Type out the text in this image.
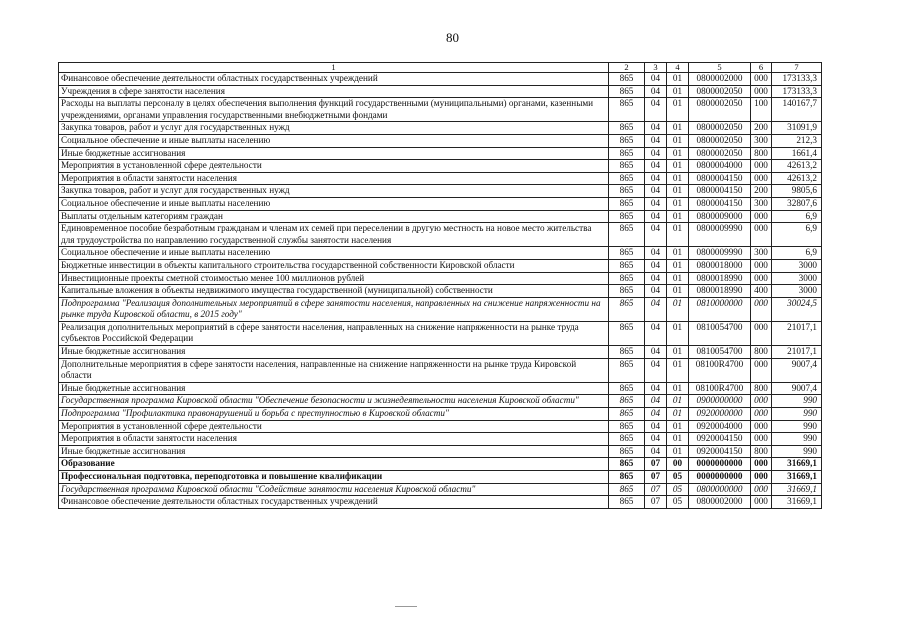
80
1	2	3	4	5	6	7
Финансовое обеспечение деятельности областных государственных учреждений	865	04	01	0800002000	000	173133,3
Учреждения в сфере занятости населения	865	04	01	0800002050	000	173133,3
Расходы на выплаты персоналу в целях обеспечения выполнения функций государственными (муниципальными) органами, казенными учреждениями, органами управления государственными внебюджетными фондами	865	04	01	0800002050	100	140167,7
Закупка товаров, работ и услуг для государственных нужд	865	04	01	0800002050	200	31091,9
Социальное обеспечение и иные выплаты населению	865	04	01	0800002050	300	212,3
Иные бюджетные ассигнования	865	04	01	0800002050	800	1661,4
Мероприятия в установленной сфере деятельности	865	04	01	0800004000	000	42613,2
Мероприятия в области занятости населения	865	04	01	0800004150	000	42613,2
Закупка товаров, работ и услуг для государственных нужд	865	04	01	0800004150	200	9805,6
Социальное обеспечение и иные выплаты населению	865	04	01	0800004150	300	32807,6
Выплаты отдельным категориям граждан	865	04	01	0800009000	000	6,9
Единовременное пособие безработным гражданам и членам их семей при переселении в другую местность на новое место жительства для трудоустройства по направлению государственной службы занятости населения	865	04	01	0800009990	000	6,9
Социальное обеспечение и иные выплаты населению	865	04	01	0800009990	300	6,9
Бюджетные инвестиции в объекты капитального строительства государственной собственности Кировской области	865	04	01	0800018000	000	3000
Инвестиционные проекты сметной стоимостью менее 100 миллионов рублей	865	04	01	0800018990	000	3000
Капитальные вложения в объекты недвижимого имущества государственной (муниципальной) собственности	865	04	01	0800018990	400	3000
Подпрограмма "Реализация дополнительных мероприятий в сфере занятости населения, направленных на снижение напряженности на рынке труда Кировской области, в 2015 году"	865	04	01	0810000000	000	30024,5
Реализация дополнительных мероприятий в сфере занятости населения, направленных на снижение напряженности на рынке труда субъектов Российской Федерации	865	04	01	0810054700	000	21017,1
Иные бюджетные ассигнования	865	04	01	0810054700	800	21017,1
Дополнительные мероприятия в сфере занятости населения, направленные на снижение напряженности на рынке труда Кировской области	865	04	01	08100R4700	000	9007,4
Иные бюджетные ассигнования	865	04	01	08100R4700	800	9007,4
Государственная программа Кировской области "Обеспечение безопасности и жизнедеятельности населения Кировской области"	865	04	01	0900000000	000	990
Подпрограмма "Профилактика правонарушений и борьба с преступностью в Кировской области"	865	04	01	0920000000	000	990
Мероприятия в установленной сфере деятельности	865	04	01	0920004000	000	990
Мероприятия в области занятости населения	865	04	01	0920004150	000	990
Иные бюджетные ассигнования	865	04	01	0920004150	800	990
Образование	865	07	00	0000000000	000	31669,1
Профессиональная подготовка, переподготовка и повышение квалификации	865	07	05	0000000000	000	31669,1
Государственная программа Кировской области "Содействие занятости населения Кировской области"	865	07	05	0800000000	000	31669,1
Финансовое обеспечение деятельности областных государственных учреждений	865	07	05	0800002000	000	31669,1
